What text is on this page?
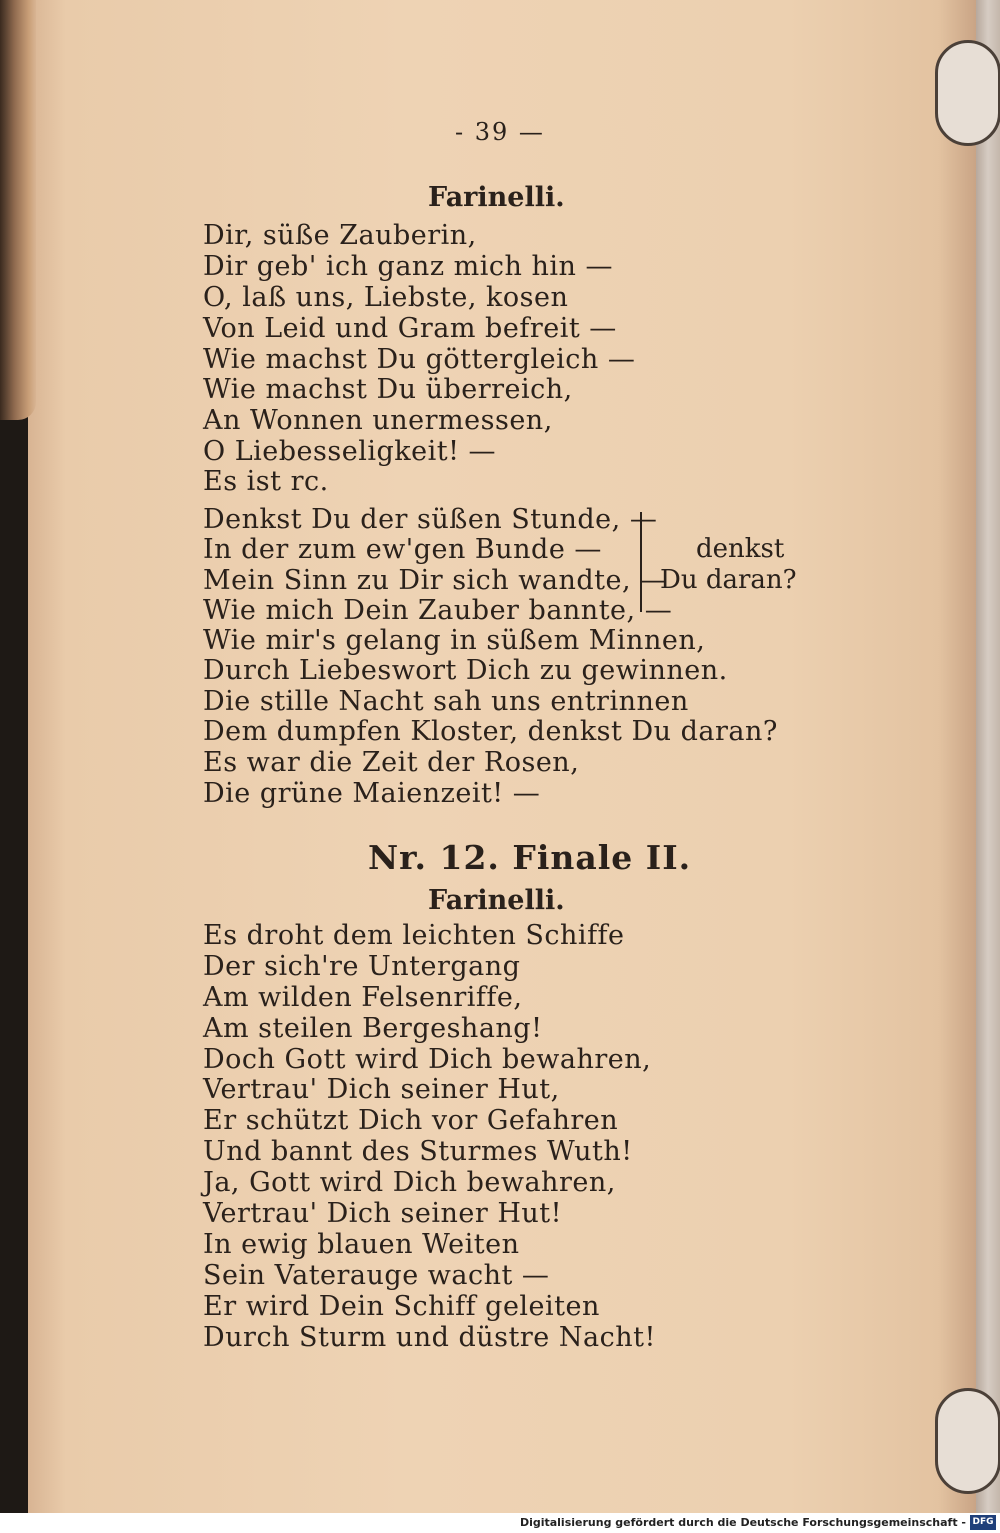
- 39 —
Farinelli.
Dir, süße Zauberin,
Dir geb' ich ganz mich hin —
O, laß uns, Liebste, kosen
Von Leid und Gram befreit —
Wie machst Du göttergleich —
Wie machst Du überreich,
An Wonnen unermessen,
O Liebesseligkeit! —
Es ist rc.
Denkst Du der süßen Stunde, —
In der zum ew'gen Bunde —
Mein Sinn zu Dir sich wandte, —
Wie mich Dein Zauber bannte, —
denkst
Du daran?
Wie mir's gelang in süßem Minnen,
Durch Liebeswort Dich zu gewinnen.
Die stille Nacht sah uns entrinnen
Dem dumpfen Kloster, denkst Du daran?
Es war die Zeit der Rosen,
Die grüne Maienzeit! —
Nr. 12. Finale II.
Farinelli.
Es droht dem leichten Schiffe
Der sich're Untergang
Am wilden Felsenriffe,
Am steilen Bergeshang!
Doch Gott wird Dich bewahren,
Vertrau' Dich seiner Hut,
Er schützt Dich vor Gefahren
Und bannt des Sturmes Wuth!
Ja, Gott wird Dich bewahren,
Vertrau' Dich seiner Hut!
In ewig blauen Weiten
Sein Vaterauge wacht —
Er wird Dein Schiff geleiten
Durch Sturm und düstre Nacht!
Digitalisierung gefördert durch die Deutsche Forschungsgemeinschaft - DFG
